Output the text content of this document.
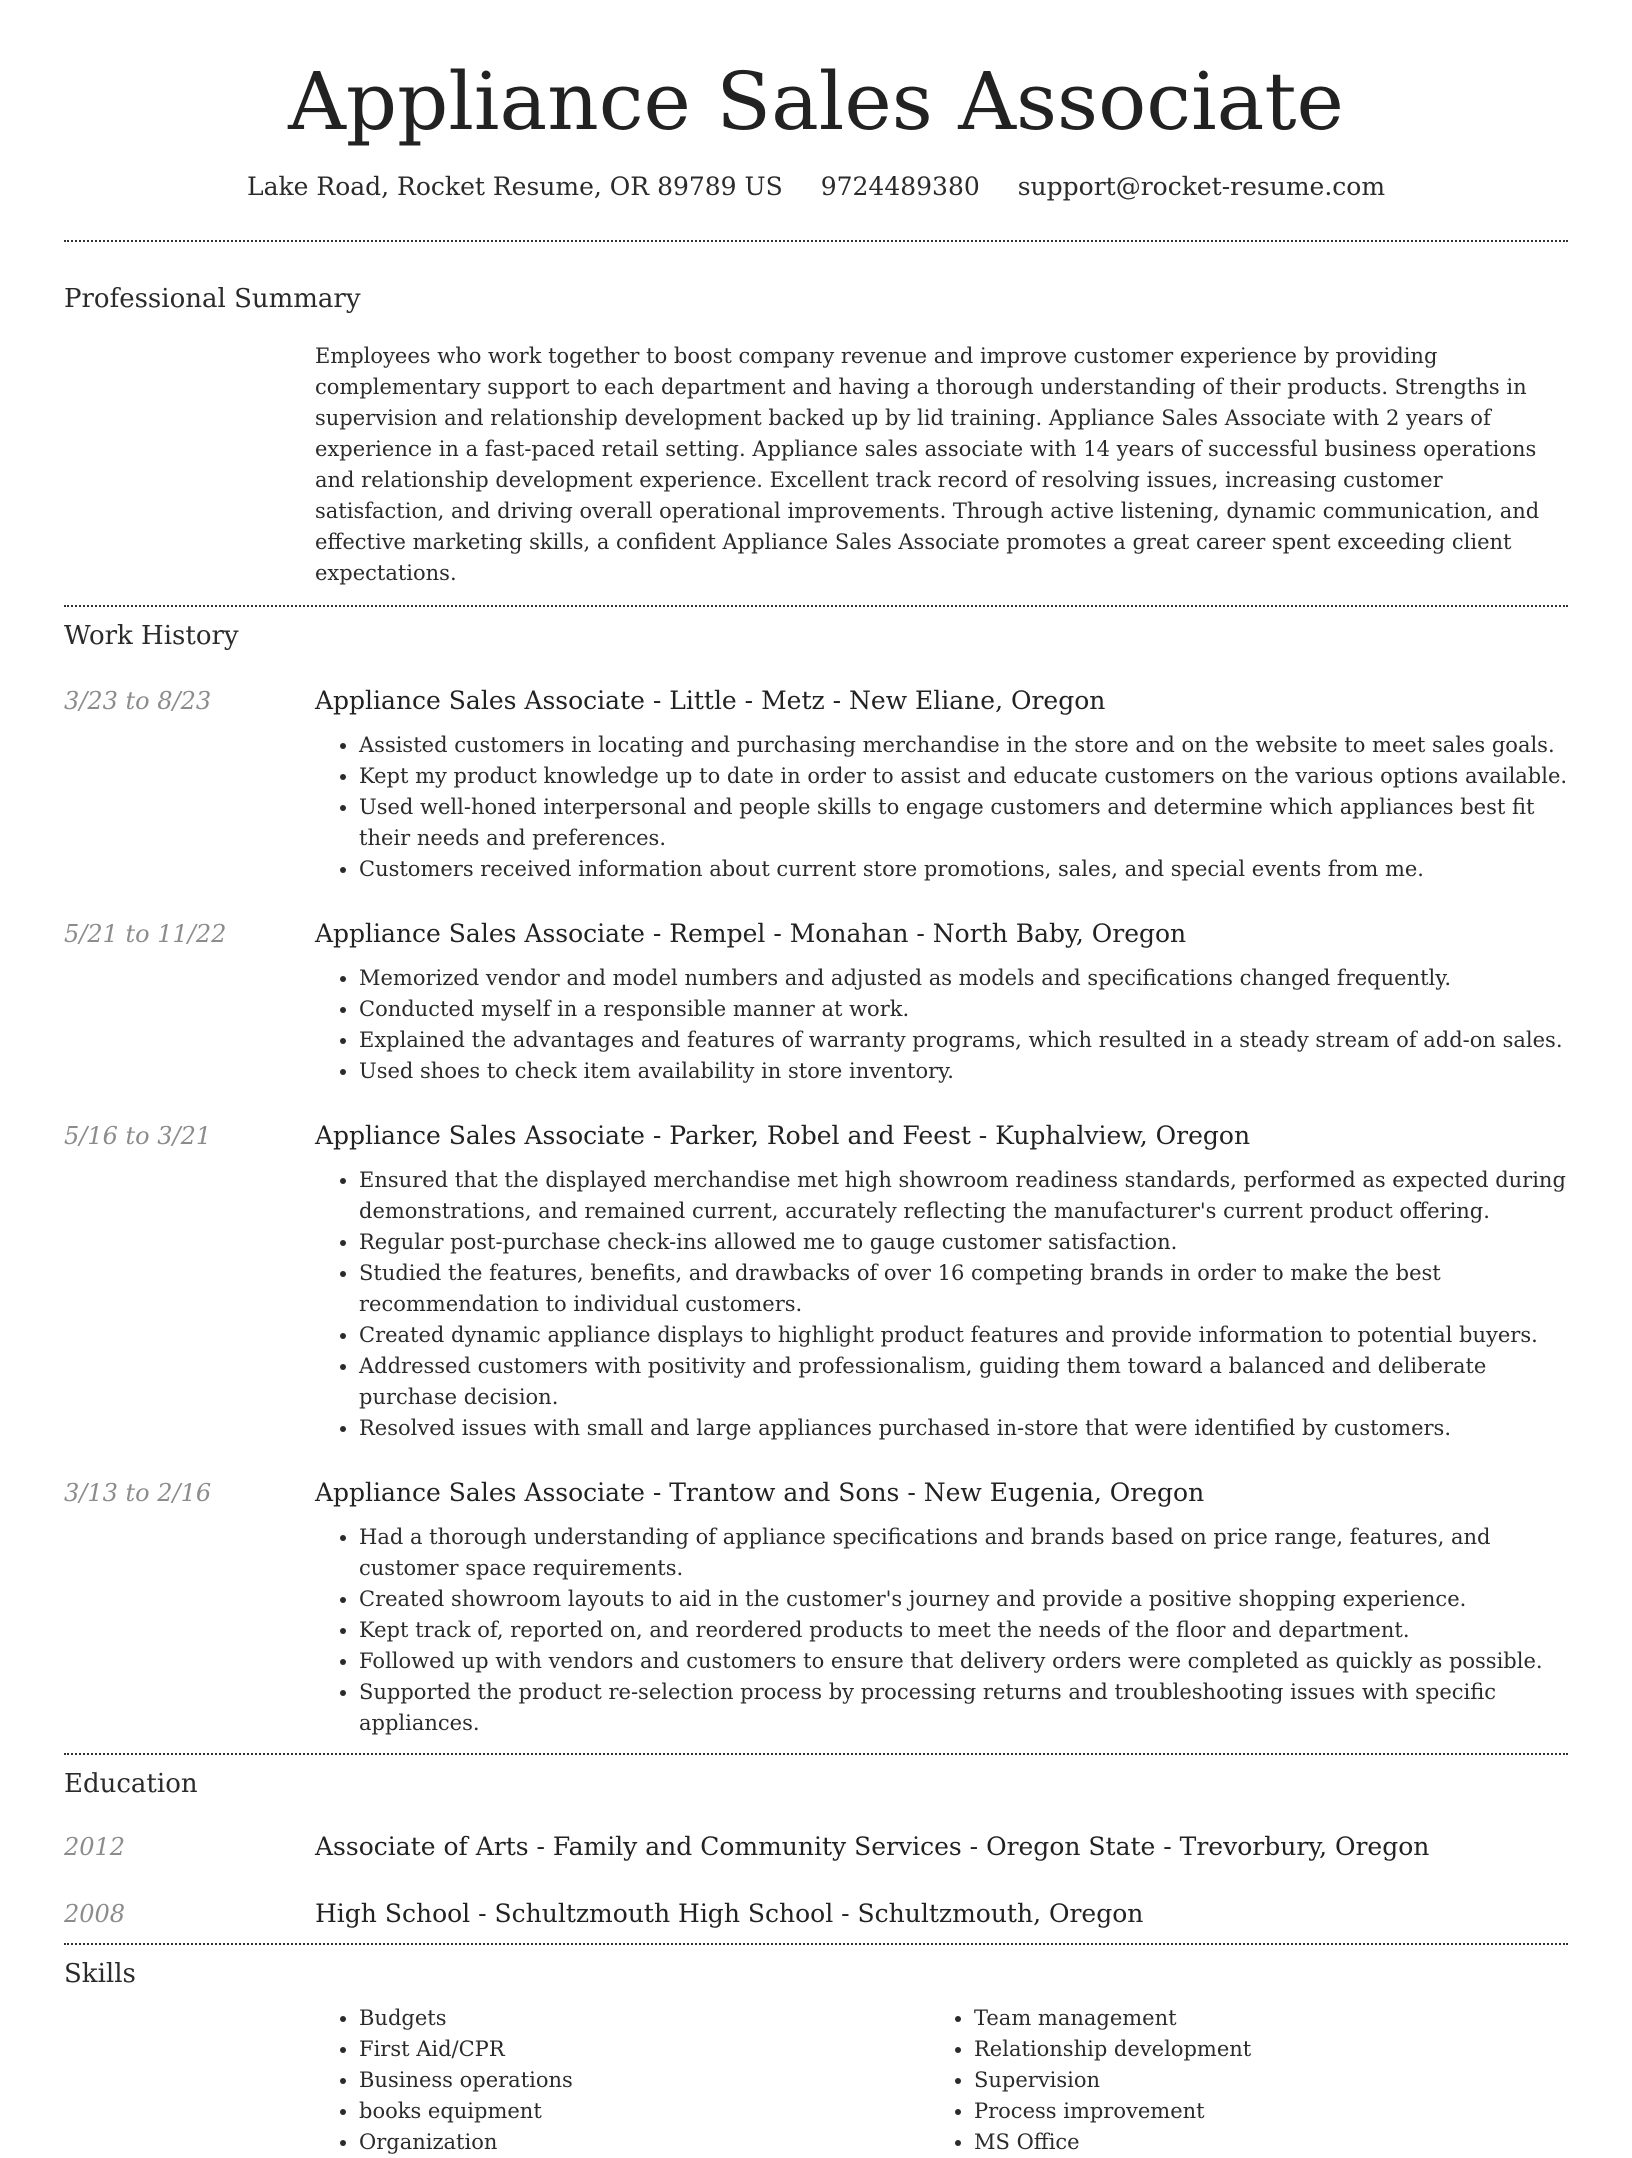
Appliance Sales Associate
Lake Road, Rocket Resume, OR 89789 US 9724489380 support@rocket-resume.com
Professional Summary

Employees who work together to boost company revenue and improve customer experience by providing complementary support to each department and having a thorough understanding of their products. Strengths in supervision and relationship development backed up by lid training. Appliance Sales Associate with 2 years of experience in a fast-paced retail setting. Appliance sales associate with 14 years of successful business operations and relationship development experience. Excellent track record of resolving issues, increasing customer satisfaction, and driving overall operational improvements. Through active listening, dynamic communication, and effective marketing skills, a confident Appliance Sales Associate promotes a great career spent exceeding client expectations.

Work History
3/23 to 8/23	Appliance Sales Associate - Little - Metz - New Eliane, Oregon
• Assisted customers in locating and purchasing merchandise in the store and on the website to meet sales goals.
• Kept my product knowledge up to date in order to assist and educate customers on the various options available.
• Used well-honed interpersonal and people skills to engage customers and determine which appliances best fit their needs and preferences.
• Customers received information about current store promotions, sales, and special events from me.
5/21 to 11/22	Appliance Sales Associate - Rempel - Monahan - North Baby, Oregon
• Memorized vendor and model numbers and adjusted as models and specifications changed frequently.
• Conducted myself in a responsible manner at work.
• Explained the advantages and features of warranty programs, which resulted in a steady stream of add-on sales.
• Used shoes to check item availability in store inventory.
5/16 to 3/21	Appliance Sales Associate - Parker, Robel and Feest - Kuphalview, Oregon
• Ensured that the displayed merchandise met high showroom readiness standards, performed as expected during demonstrations, and remained current, accurately reflecting the manufacturer's current product offering.
• Regular post-purchase check-ins allowed me to gauge customer satisfaction.
• Studied the features, benefits, and drawbacks of over 16 competing brands in order to make the best recommendation to individual customers.
• Created dynamic appliance displays to highlight product features and provide information to potential buyers.
• Addressed customers with positivity and professionalism, guiding them toward a balanced and deliberate purchase decision.
• Resolved issues with small and large appliances purchased in-store that were identified by customers.
3/13 to 2/16	Appliance Sales Associate - Trantow and Sons - New Eugenia, Oregon
• Had a thorough understanding of appliance specifications and brands based on price range, features, and customer space requirements.
• Created showroom layouts to aid in the customer's journey and provide a positive shopping experience.
• Kept track of, reported on, and reordered products to meet the needs of the floor and department.
• Followed up with vendors and customers to ensure that delivery orders were completed as quickly as possible.
• Supported the product re-selection process by processing returns and troubleshooting issues with specific appliances.
Education
2012	Associate of Arts - Family and Community Services - Oregon State - Trevorbury, Oregon
2008	High School - Schultzmouth High School - Schultzmouth, Oregon
Skills
• Budgets
• First Aid/CPR
• Business operations
• books equipment
• Organization
• Team management
• Relationship development
• Supervision
• Process improvement
• MS Office
